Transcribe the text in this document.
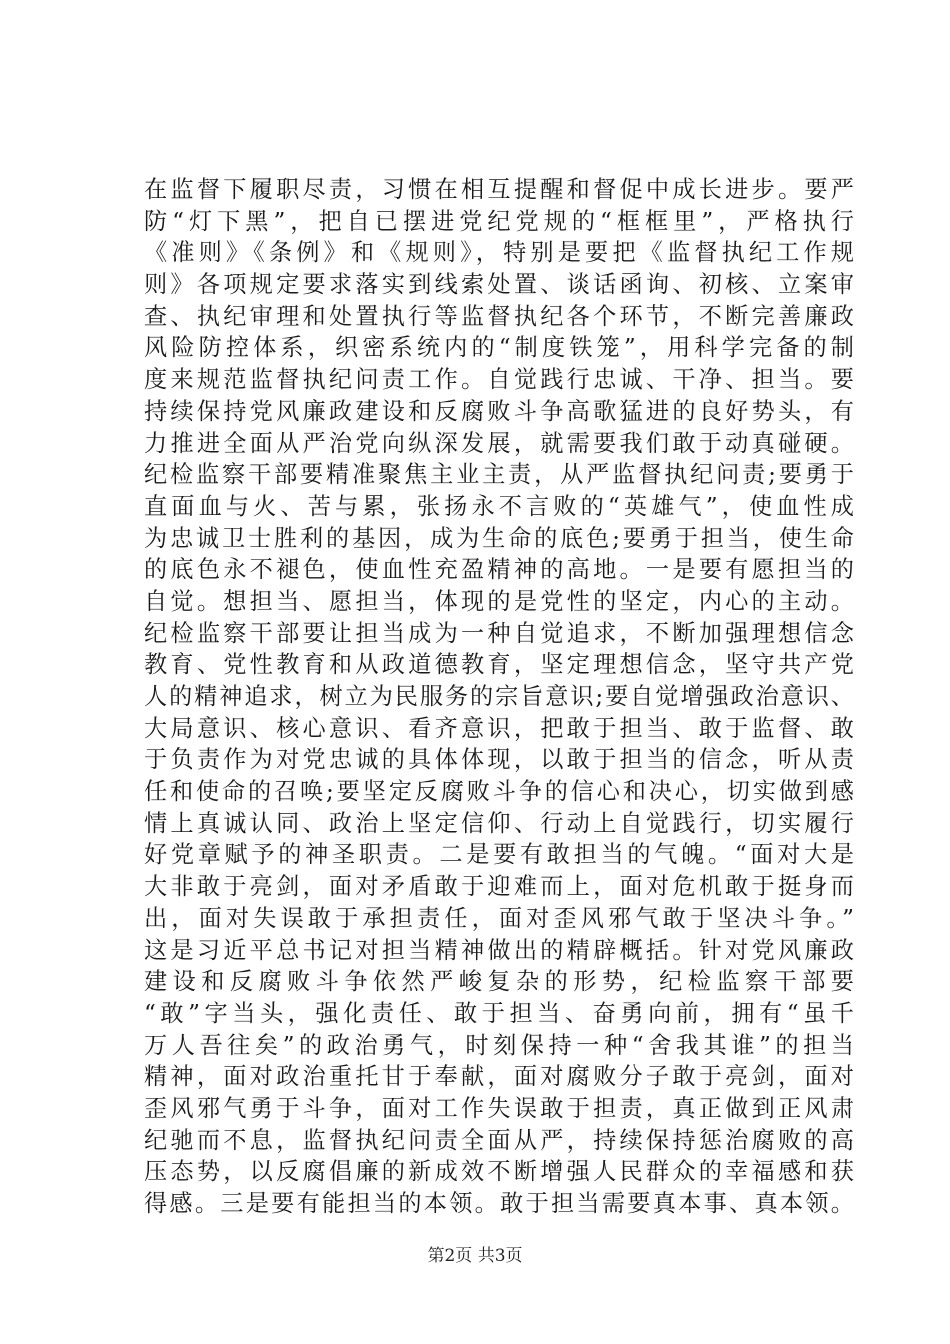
在监督下履职尽责，习惯在相互提醒和督促中成长进步。要严
防“灯下黑”，把自已摆进党纪党规的“框框里”，严格执行
《准则》《条例》和《规则》，特别是要把《监督执纪工作规
则》各项规定要求落实到线索处置、谈话函询、初核、立案审
查、执纪审理和处置执行等监督执纪各个环节，不断完善廉政
风险防控体系，织密系统内的“制度铁笼”，用科学完备的制
度来规范监督执纪问责工作。自觉践行忠诚、干净、担当。要
持续保持党风廉政建设和反腐败斗争高歌猛进的良好势头，有
力推进全面从严治党向纵深发展，就需要我们敢于动真碰硬。
纪检监察干部要精准聚焦主业主责，从严监督执纪问责;要勇于
直面血与火、苦与累，张扬永不言败的“英雄气”，使血性成
为忠诚卫士胜利的基因，成为生命的底色;要勇于担当，使生命
的底色永不褪色，使血性充盈精神的高地。一是要有愿担当的
自觉。想担当、愿担当，体现的是党性的坚定，内心的主动。
纪检监察干部要让担当成为一种自觉追求，不断加强理想信念
教育、党性教育和从政道德教育，坚定理想信念，坚守共产党
人的精神追求，树立为民服务的宗旨意识;要自觉增强政治意识、
大局意识、核心意识、看齐意识，把敢于担当、敢于监督、敢
于负责作为对党忠诚的具体体现，以敢于担当的信念，听从责
任和使命的召唤;要坚定反腐败斗争的信心和决心，切实做到感
情上真诚认同、政治上坚定信仰、行动上自觉践行，切实履行
好党章赋予的神圣职责。二是要有敢担当的气魄。“面对大是
大非敢于亮剑，面对矛盾敢于迎难而上，面对危机敢于挺身而
出，面对失误敢于承担责任，面对歪风邪气敢于坚决斗争。”
这是习近平总书记对担当精神做出的精辟概括。针对党风廉政
建设和反腐败斗争依然严峻复杂的形势，纪检监察干部要
“敢”字当头，强化责任、敢于担当、奋勇向前，拥有“虽千
万人吾往矣”的政治勇气，时刻保持一种“舍我其谁”的担当
精神，面对政治重托甘于奉献，面对腐败分子敢于亮剑，面对
歪风邪气勇于斗争，面对工作失误敢于担责，真正做到正风肃
纪驰而不息，监督执纪问责全面从严，持续保持惩治腐败的高
压态势，以反腐倡廉的新成效不断增强人民群众的幸福感和获
得感。三是要有能担当的本领。敢于担当需要真本事、真本领。
第2页 共3页
